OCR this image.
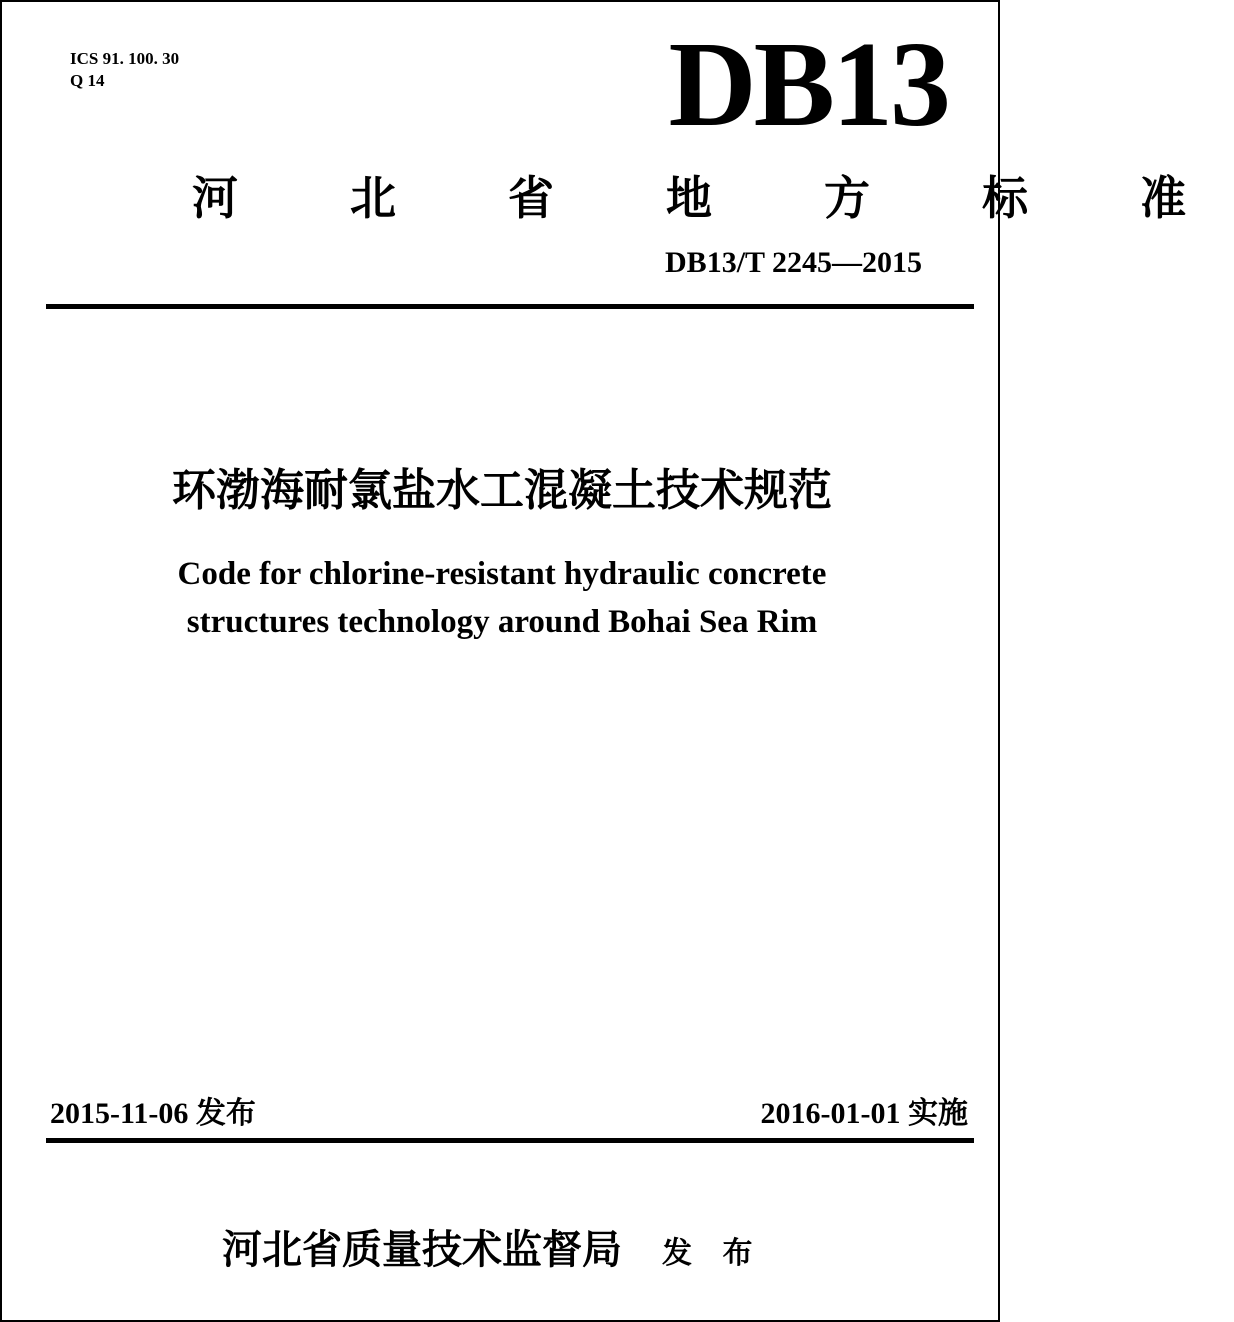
ICS 91. 100. 30
Q 14	DB13
河 北 省 地 方 标 准
DB13/T 2245—2015
环渤海耐氯盐水工混凝土技术规范
Code for chlorine-resistant hydraulic concrete
structures technology around Bohai Sea Rim
2015-11-06 发布	2016-01-01 实施
河北省质量技术监督局 发 布
